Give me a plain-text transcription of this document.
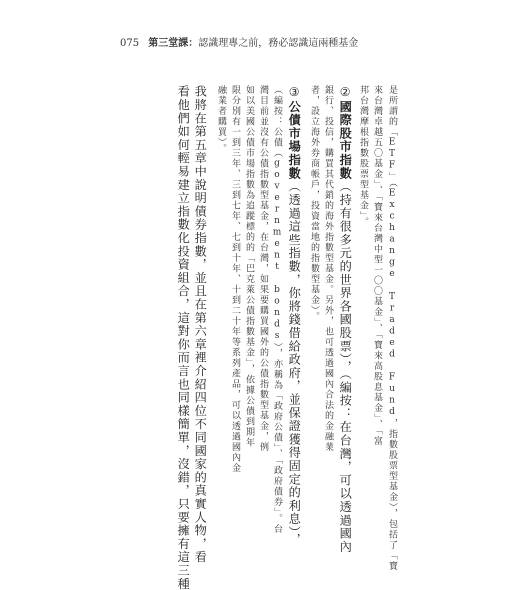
075 第三堂課：認識理專之前，務必認識這兩種基金
是所謂的「ETF」（Exchange Traded Fund，指數股票型基金），包括了「寶
來台灣卓越五〇基金」、「寶來台灣中型一〇〇基金」、「寶來高股息基金」、「富
邦台灣摩根指數股票型基金」。
②國際股市指數（持有很多元的世界各國股票），（編按：在台灣，可以透過國內
銀行、投信，購買其代銷的海外指數型基金。另外，也可透過國內合法的金融業
者，設立海外券商帳戶，投資當地的指數型基金）。
③公債市場指數（透過這些指數，你將錢借給政府，並保證獲得固定的利息），
（編按：公債（government bonds），亦稱為「政府公債」、「政府債券」。台
灣目前並沒有公債指數型基金，在台灣，如果要購買國外的公債指數型基金，例
如以美國公債市場指數為追蹤標的的「巴克萊公債指數基金」，依據公債到期年
限分別有一到三年、三到七年、七到十年、十到二十年等系列產品，可以透過國內金
融業者購買）。
我將在第五章中說明債券指數，並且在第六章裡介紹四位不同國家的真實人物，看
看他們如何輕易建立指數化投資組合，這對你而言也同樣簡單，沒錯，只要擁有這三種
